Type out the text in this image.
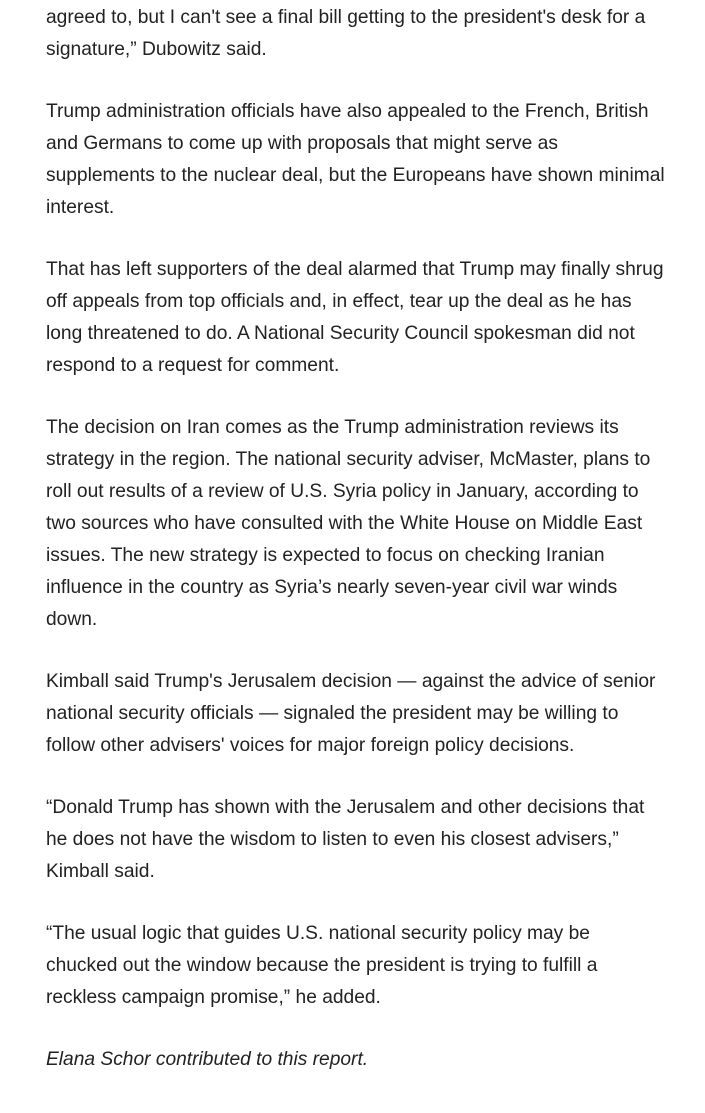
agreed to, but I can't see a final bill getting to the president's desk for a signature,” Dubowitz said.

Trump administration officials have also appealed to the French, British and Germans to come up with proposals that might serve as supplements to the nuclear deal, but the Europeans have shown minimal interest.

That has left supporters of the deal alarmed that Trump may finally shrug off appeals from top officials and, in effect, tear up the deal as he has long threatened to do. A National Security Council spokesman did not respond to a request for comment.

The decision on Iran comes as the Trump administration reviews its strategy in the region. The national security adviser, McMaster, plans to roll out results of a review of U.S. Syria policy in January, according to two sources who have consulted with the White House on Middle East issues. The new strategy is expected to focus on checking Iranian influence in the country as Syria’s nearly seven-year civil war winds down.

Kimball said Trump's Jerusalem decision — against the advice of senior national security officials — signaled the president may be willing to follow other advisers' voices for major foreign policy decisions.

“Donald Trump has shown with the Jerusalem and other decisions that he does not have the wisdom to listen to even his closest advisers,” Kimball said.

“The usual logic that guides U.S. national security policy may be chucked out the window because the president is trying to fulfill a reckless campaign promise,” he added.

Elana Schor contributed to this report.
